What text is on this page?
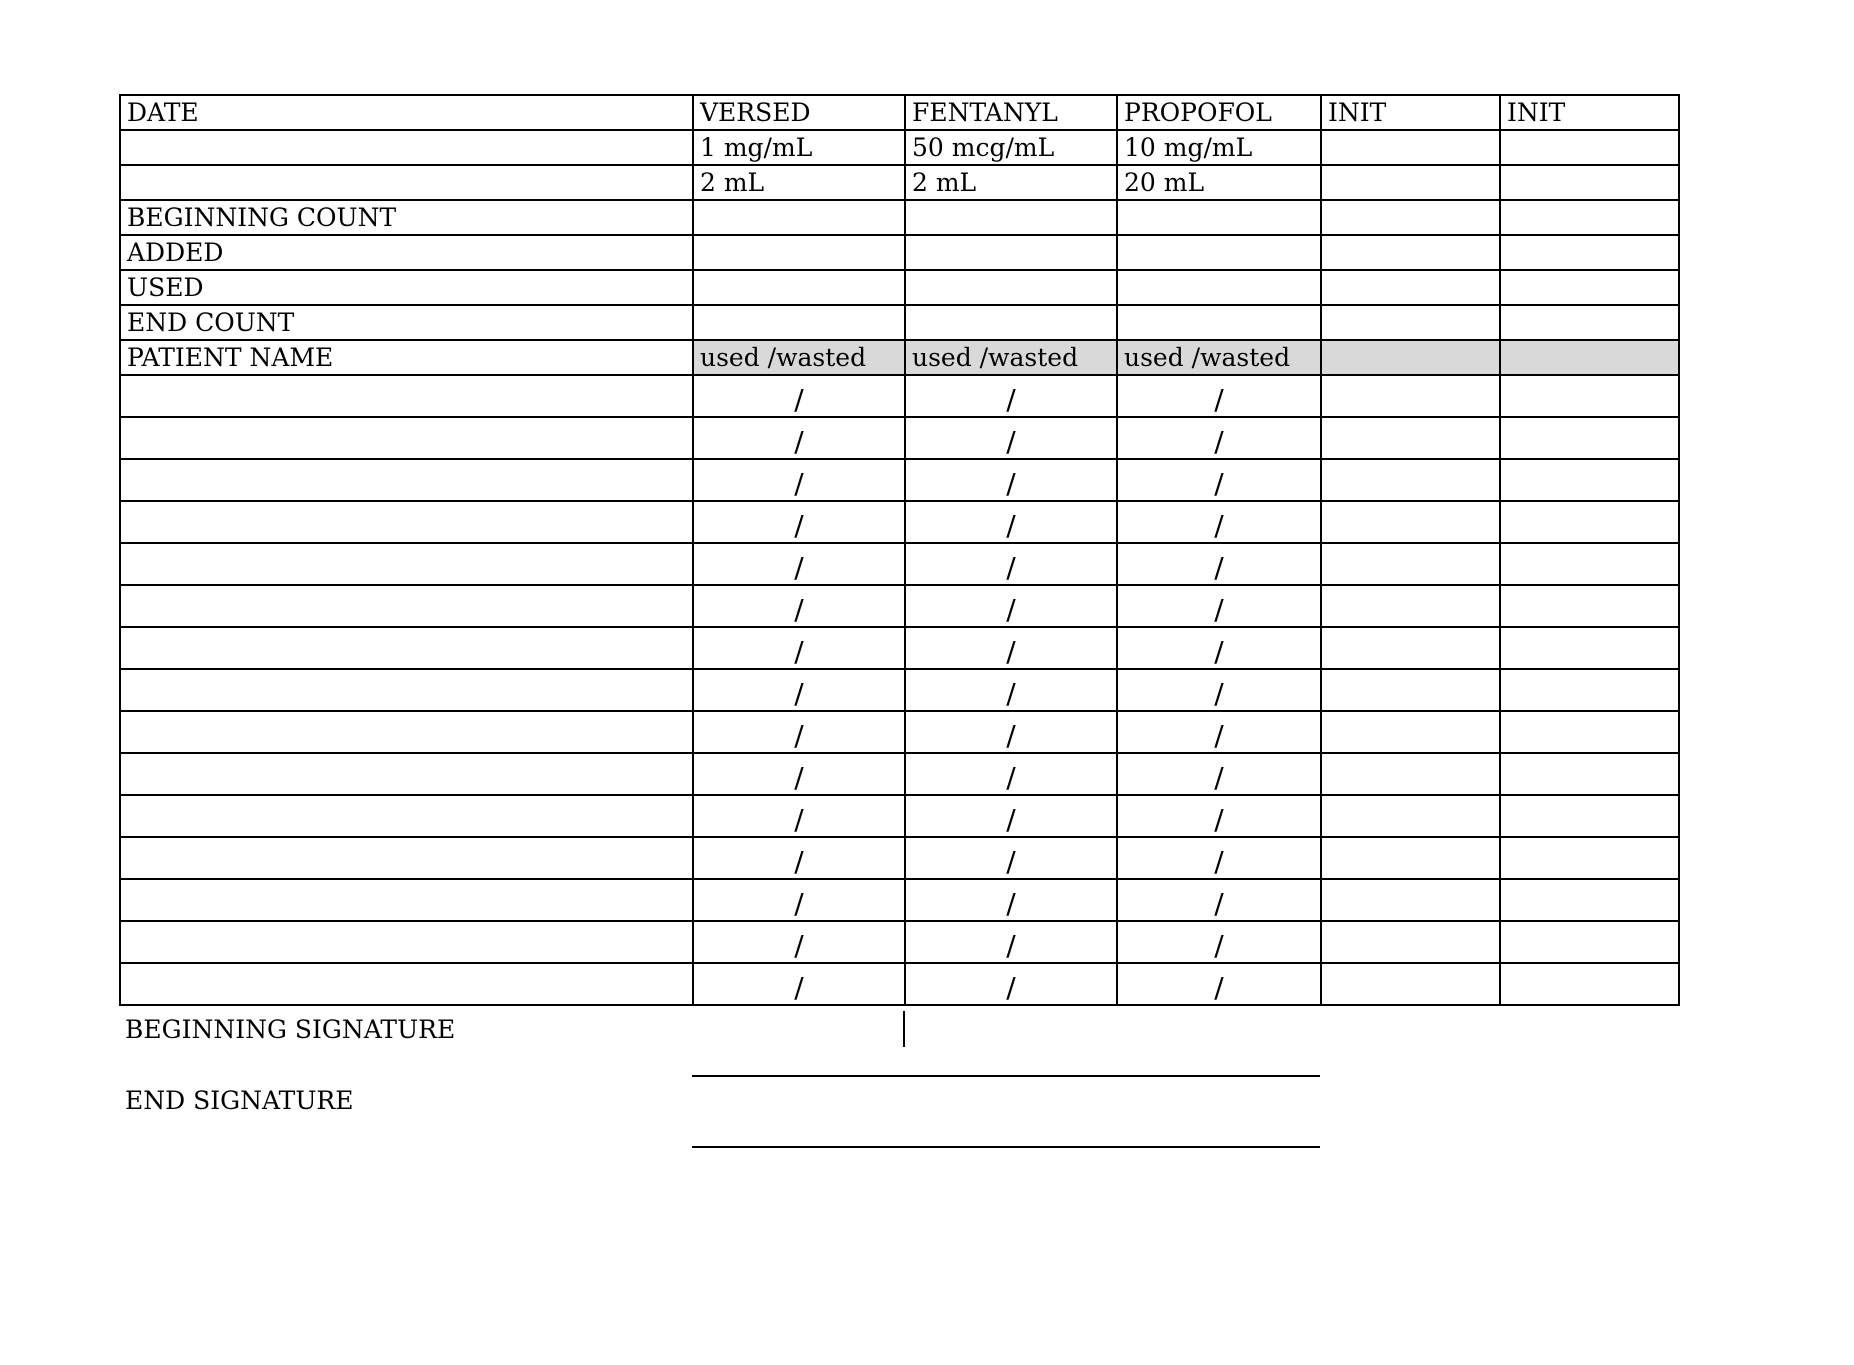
DATE	VERSED	FENTANYL	PROPOFOL	INIT	INIT
	1 mg/mL	50 mcg/mL	10 mg/mL		
	2 mL	2 mL	20 mL		
BEGINNING COUNT					
ADDED					
USED					
END COUNT					
PATIENT NAME	used /wasted	used /wasted	used /wasted		
	/	/	/		
	/	/	/		
	/	/	/		
	/	/	/		
	/	/	/		
	/	/	/		
	/	/	/		
	/	/	/		
	/	/	/		
	/	/	/		
	/	/	/		
	/	/	/		
	/	/	/		
	/	/	/		
	/	/	/		
BEGINNING SIGNATURE
END SIGNATURE
